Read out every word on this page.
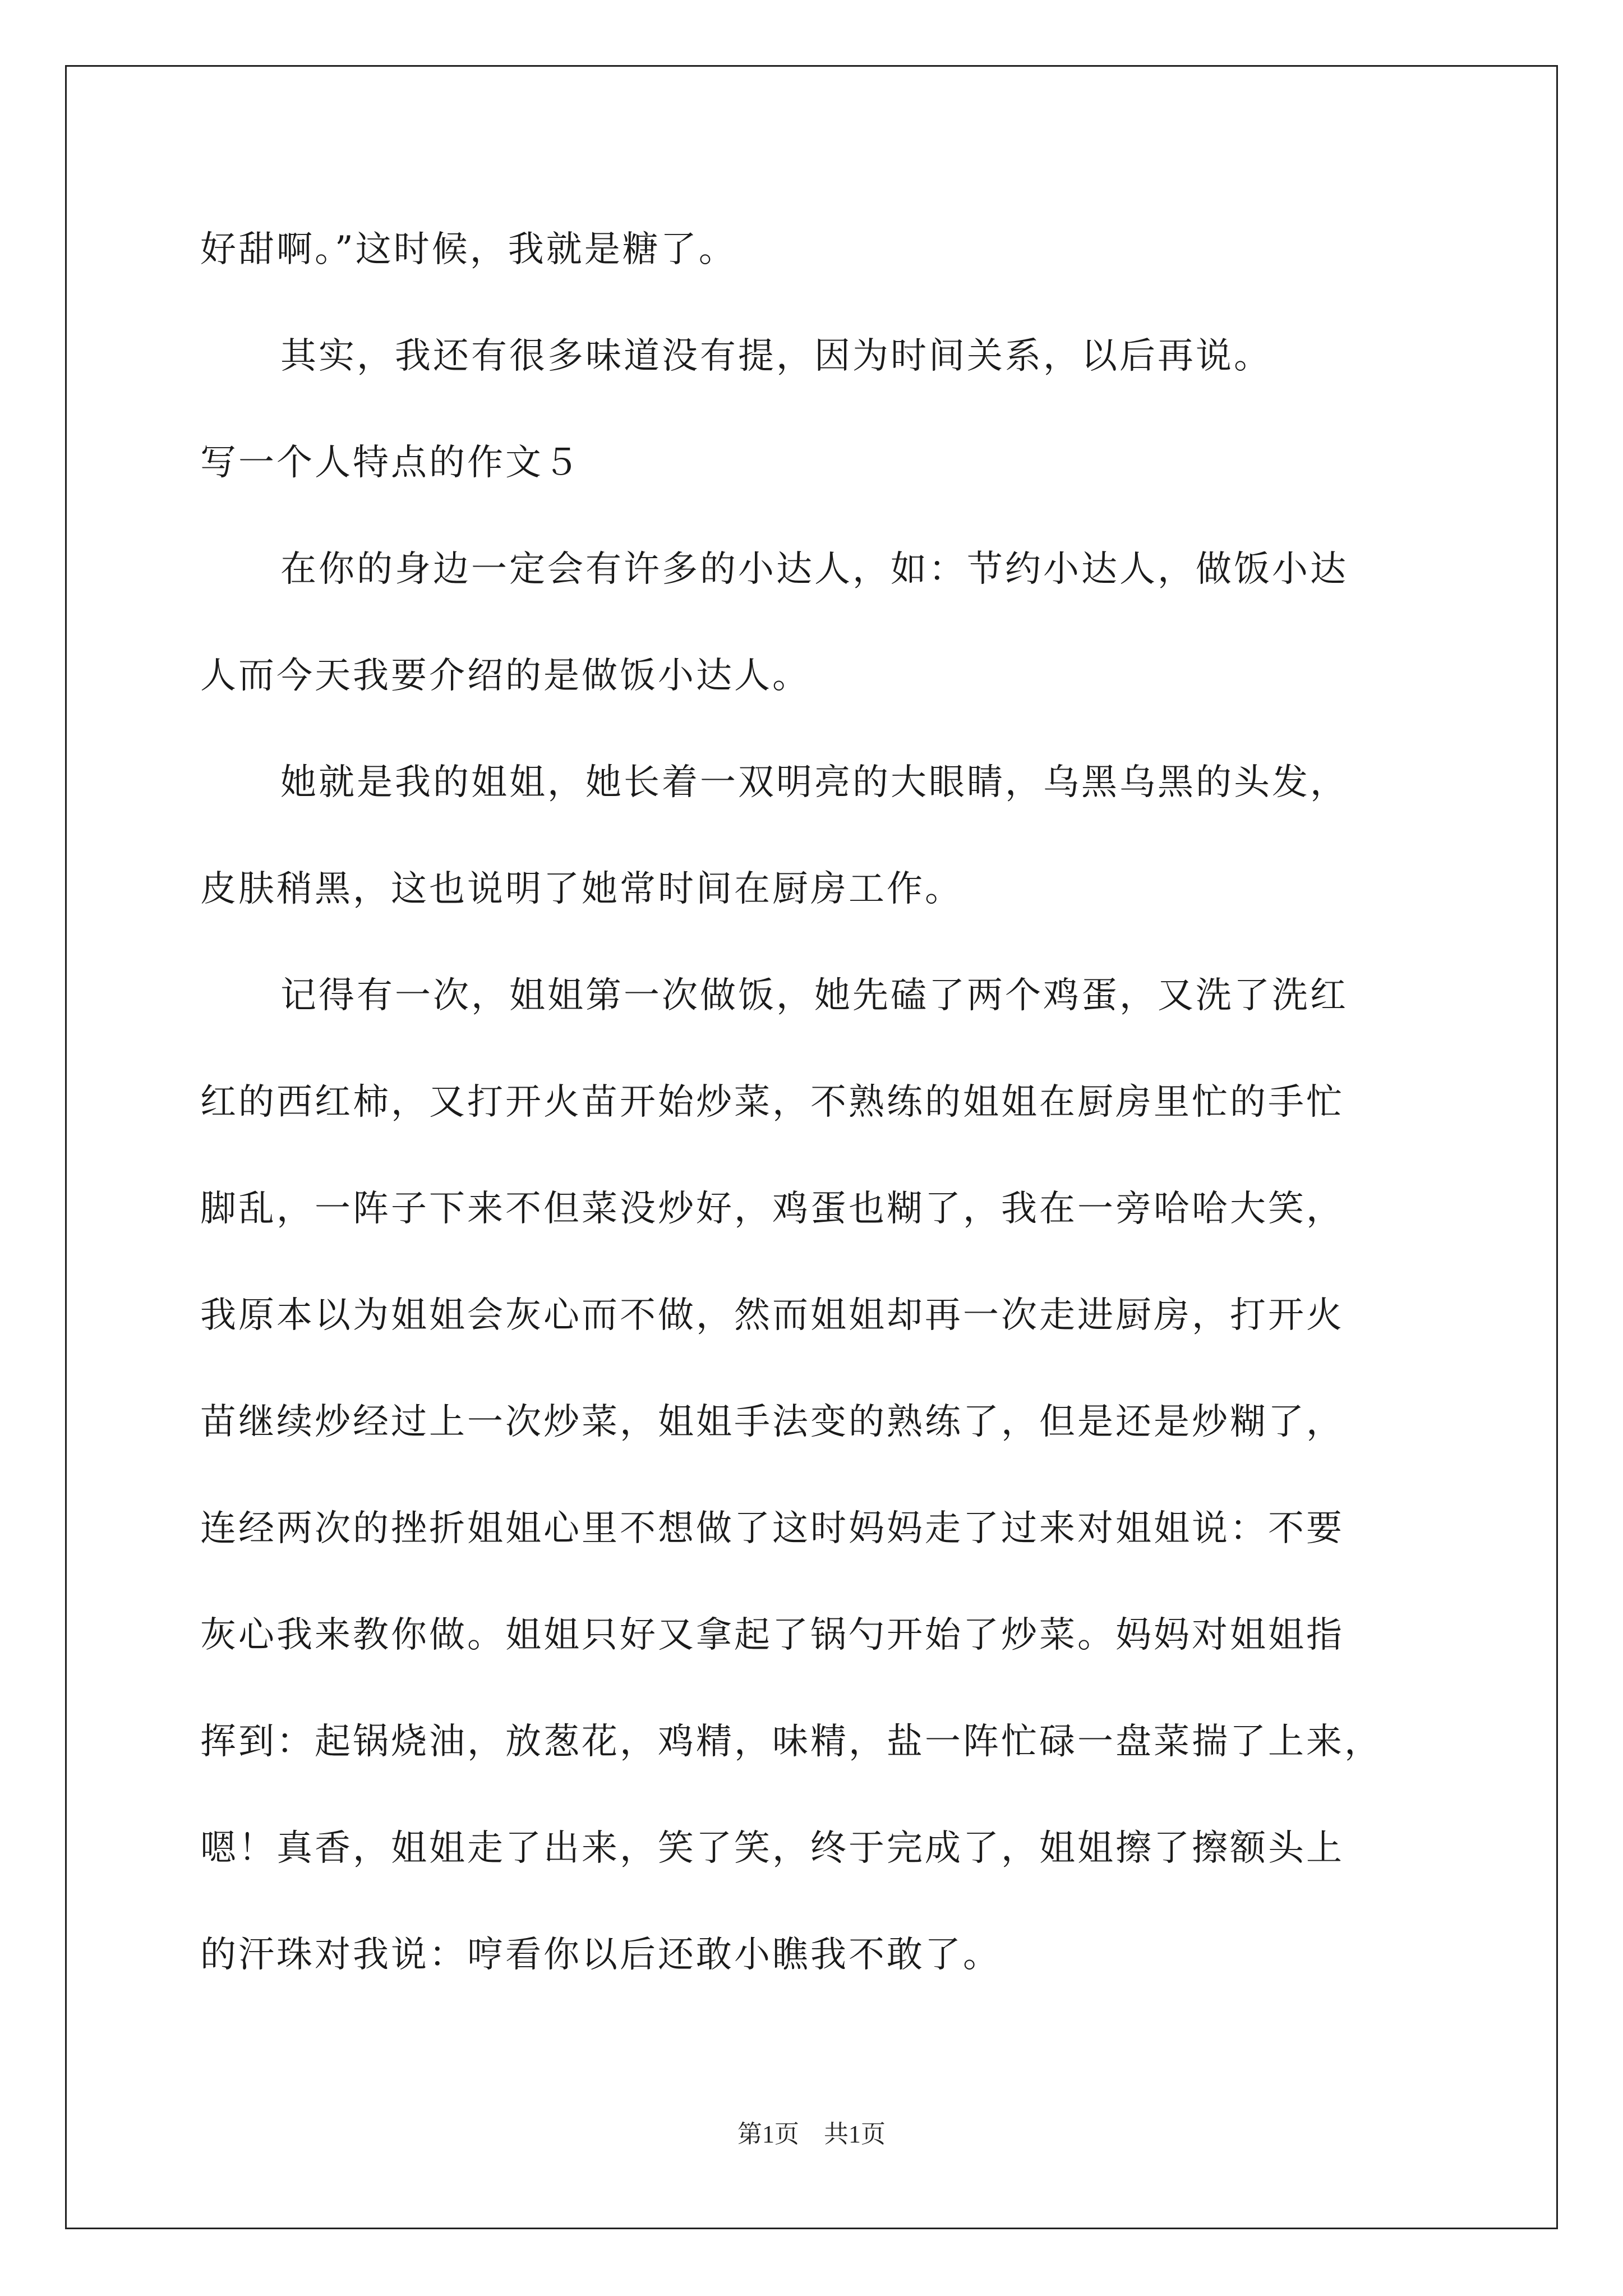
好甜啊。”这时候，我就是糖了。
其实，我还有很多味道没有提，因为时间关系，以后再说。
写一个人特点的作文５
在你的身边一定会有许多的小达人，如：节约小达人，做饭小达
人而今天我要介绍的是做饭小达人。
她就是我的姐姐，她长着一双明亮的大眼睛，乌黑乌黑的头发，
皮肤稍黑，这也说明了她常时间在厨房工作。
记得有一次，姐姐第一次做饭，她先磕了两个鸡蛋，又洗了洗红
红的西红柿，又打开火苗开始炒菜，不熟练的姐姐在厨房里忙的手忙
脚乱，一阵子下来不但菜没炒好，鸡蛋也糊了，我在一旁哈哈大笑，
我原本以为姐姐会灰心而不做，然而姐姐却再一次走进厨房，打开火
苗继续炒经过上一次炒菜，姐姐手法变的熟练了，但是还是炒糊了，
连经两次的挫折姐姐心里不想做了这时妈妈走了过来对姐姐说：不要
灰心我来教你做。姐姐只好又拿起了锅勺开始了炒菜。妈妈对姐姐指
挥到：起锅烧油，放葱花，鸡精，味精，盐一阵忙碌一盘菜揣了上来，
嗯！真香，姐姐走了出来，笑了笑，终于完成了，姐姐擦了擦额头上
的汗珠对我说：哼看你以后还敢小瞧我不敢了。
第1页　共1页
